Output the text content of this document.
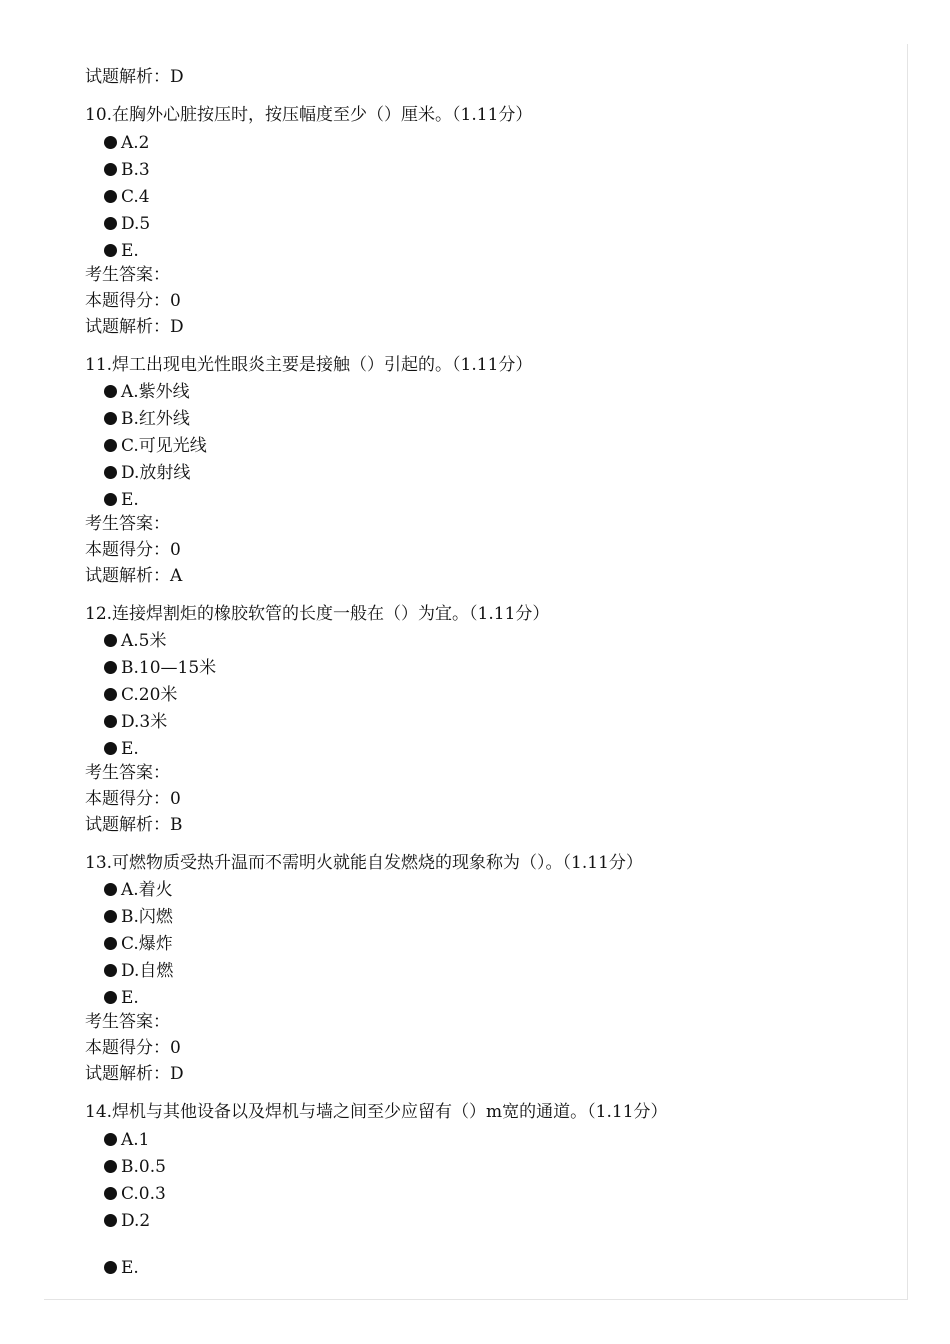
试题解析：D
10.在胸外心脏按压时，按压幅度至少（）厘米。（1.11分）
A.2
B.3
C.4
D.5
E.
考生答案：
本题得分：0
试题解析：D
11.焊工出现电光性眼炎主要是接触（）引起的。（1.11分）
A.紫外线
B.红外线
C.可见光线
D.放射线
E.
考生答案：
本题得分：0
试题解析：A
12.连接焊割炬的橡胶软管的长度一般在（）为宜。（1.11分）
A.5米
B.10—15米
C.20米
D.3米
E.
考生答案：
本题得分：0
试题解析：B
13.可燃物质受热升温而不需明火就能自发燃烧的现象称为（）。（1.11分）
A.着火
B.闪燃
C.爆炸
D.自燃
E.
考生答案：
本题得分：0
试题解析：D
14.焊机与其他设备以及焊机与墙之间至少应留有（）m宽的通道。（1.11分）
A.1
B.0.5
C.0.3
D.2
E.
